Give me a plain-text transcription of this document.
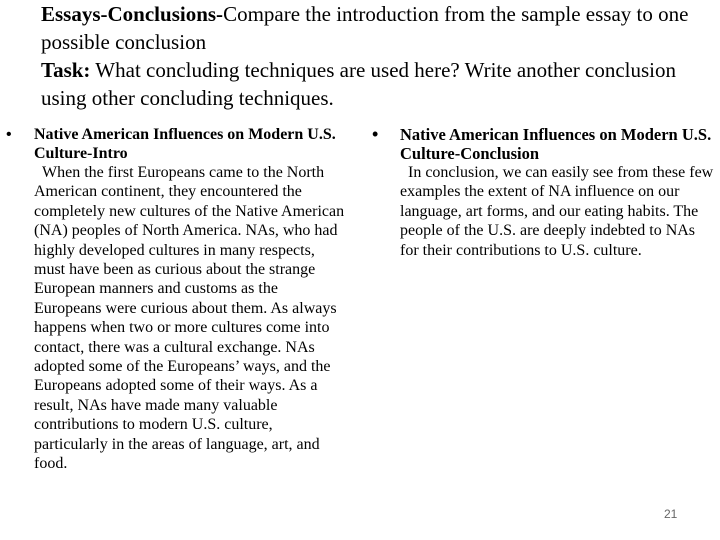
Essays-Conclusions-Compare the introduction from the sample essay to one possible conclusion
Task: What concluding techniques are used here? Write another conclusion using other concluding techniques.
• Native American Influences on Modern U.S. Culture-Intro

When the first Europeans came to the North American continent, they encountered the completely new cultures of the Native American (NA) peoples of North America. NAs, who had highly developed cultures in many respects, must have been as curious about the strange European manners and customs as the Europeans were curious about them. As always happens when two or more cultures come into contact, there was a cultural exchange. NAs adopted some of the Europeans’ ways, and the Europeans adopted some of their ways. As a result, NAs have made many valuable contributions to modern U.S. culture, particularly in the areas of language, art, and food.

• Native American Influences on Modern U.S. Culture-Conclusion

In conclusion, we can easily see from these few examples the extent of NA influence on our language, art forms, and our eating habits. The people of the U.S. are deeply indebted to NAs for their contributions to U.S. culture.

21
